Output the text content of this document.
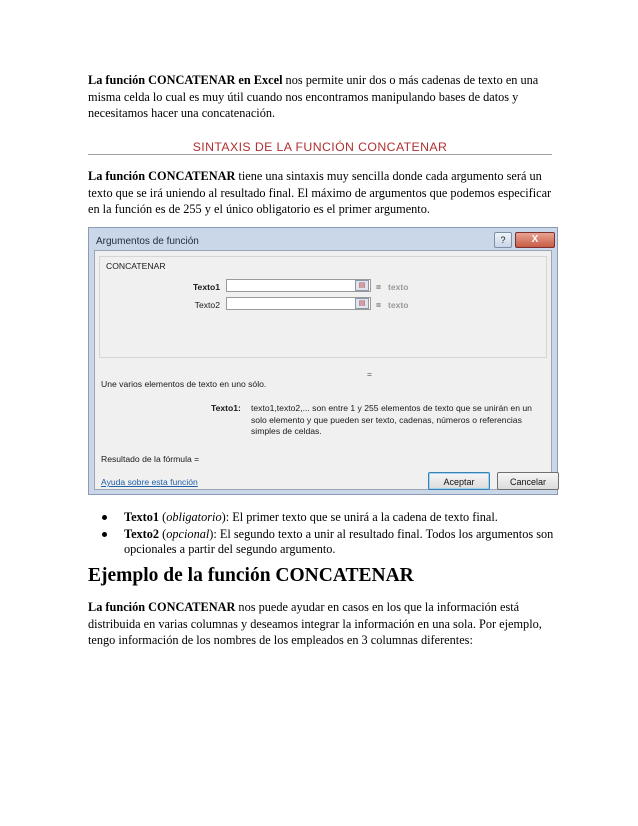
La función CONCATENAR en Excel nos permite unir dos o más cadenas de texto en una misma celda lo cual es muy útil cuando nos encontramos manipulando bases de datos y necesitamos hacer una concatenación.
SINTAXIS DE LA FUNCIÓN CONCATENAR
La función CONCATENAR tiene una sintaxis muy sencilla donde cada argumento será un texto que se irá uniendo al resultado final. El máximo de argumentos que podemos especificar en la función es de 255 y el único obligatorio es el primer argumento.
Argumentos de función	?	X
CONCATENAR
Texto1	▤	= texto
Texto2	▤	= texto
=
Une varios elementos de texto en uno sólo.
Texto1: texto1,texto2,... son entre 1 y 255 elementos de texto que se unirán en un solo elemento y que pueden ser texto, cadenas, números o referencias simples de celdas.
Resultado de la fórmula =
Ayuda sobre esta función	Aceptar	Cancelar
Texto1 (obligatorio): El primer texto que se unirá a la cadena de texto final.
Texto2 (opcional): El segundo texto a unir al resultado final. Todos los argumentos son opcionales a partir del segundo argumento.
Ejemplo de la función CONCATENAR
La función CONCATENAR nos puede ayudar en casos en los que la información está distribuida en varias columnas y deseamos integrar la información en una sola. Por ejemplo, tengo información de los nombres de los empleados en 3 columnas diferentes:
